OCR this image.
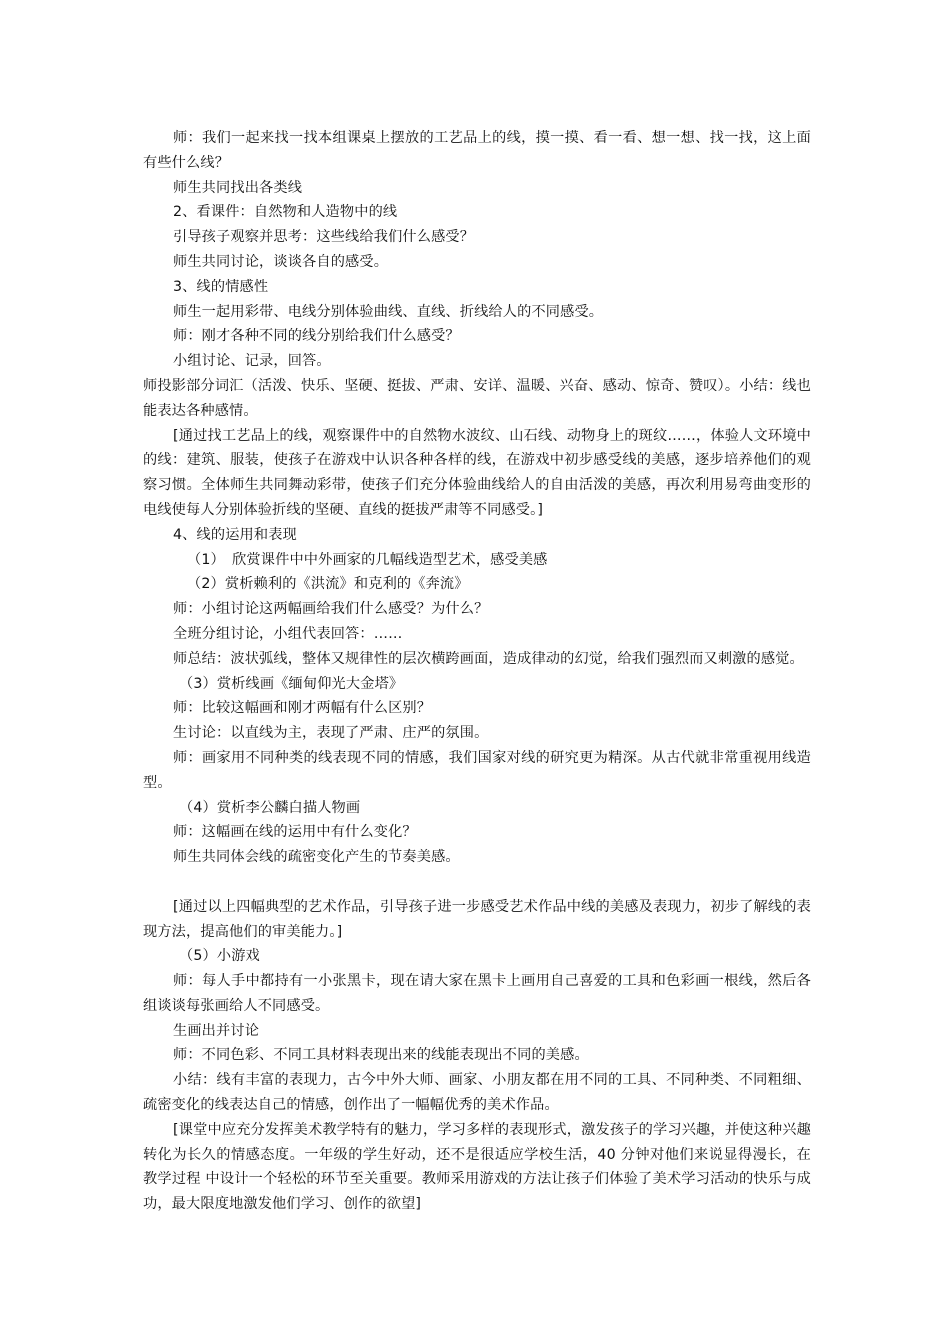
师：我们一起来找一找本组课桌上摆放的工艺品上的线，摸一摸、看一看、想一想、找一找，这上面有些什么线？

师生共同找出各类线

2、看课件：自然物和人造物中的线

引导孩子观察并思考：这些线给我们什么感受？

师生共同讨论，谈谈各自的感受。

3、线的情感性

师生一起用彩带、电线分别体验曲线、直线、折线给人的不同感受。

师：刚才各种不同的线分别给我们什么感受？

小组讨论、记录，回答。

师投影部分词汇（活泼、快乐、坚硬、挺拔、严肃、安详、温暖、兴奋、感动、惊奇、赞叹）。小结：线也能表达各种感情。

[通过找工艺品上的线，观察课件中的自然物水波纹、山石线、动物身上的斑纹……，体验人文环境中的线：建筑、服装，使孩子在游戏中认识各种各样的线，在游戏中初步感受线的美感，逐步培养他们的观察习惯。全体师生共同舞动彩带，使孩子们充分体验曲线给人的自由活泼的美感，再次利用易弯曲变形的电线使每人分别体验折线的坚硬、直线的挺拔严肃等不同感受。]

4、线的运用和表现

（1）　欣赏课件中中外画家的几幅线造型艺术，感受美感

（2）赏析赖利的《洪流》和克利的《奔流》

师：小组讨论这两幅画给我们什么感受？为什么？

全班分组讨论，小组代表回答：……

师总结：波状弧线，整体又规律性的层次横跨画面，造成律动的幻觉，给我们强烈而又刺激的感觉。

（3）赏析线画《缅甸仰光大金塔》

师：比较这幅画和刚才两幅有什么区别？

生讨论：以直线为主，表现了严肃、庄严的氛围。

师：画家用不同种类的线表现不同的情感，我们国家对线的研究更为精深。从古代就非常重视用线造型。

（4）赏析李公麟白描人物画

师：这幅画在线的运用中有什么变化？

师生共同体会线的疏密变化产生的节奏美感。

[通过以上四幅典型的艺术作品，引导孩子进一步感受艺术作品中线的美感及表现力，初步了解线的表现方法，提高他们的审美能力。]

（5）小游戏

师：每人手中都持有一小张黑卡，现在请大家在黑卡上画用自己喜爱的工具和色彩画一根线，然后各组谈谈每张画给人不同感受。

生画出并讨论

师：不同色彩、不同工具材料表现出来的线能表现出不同的美感。

小结：线有丰富的表现力，古今中外大师、画家、小朋友都在用不同的工具、不同种类、不同粗细、疏密变化的线表达自己的情感，创作出了一幅幅优秀的美术作品。

[课堂中应充分发挥美术教学特有的魅力，学习多样的表现形式，激发孩子的学习兴趣，并使这种兴趣转化为长久的情感态度。一年级的学生好动，还不是很适应学校生活，40 分钟对他们来说显得漫长，在教学过程 中设计一个轻松的环节至关重要。教师采用游戏的方法让孩子们体验了美术学习活动的快乐与成功，最大限度地激发他们学习、创作的欲望]
